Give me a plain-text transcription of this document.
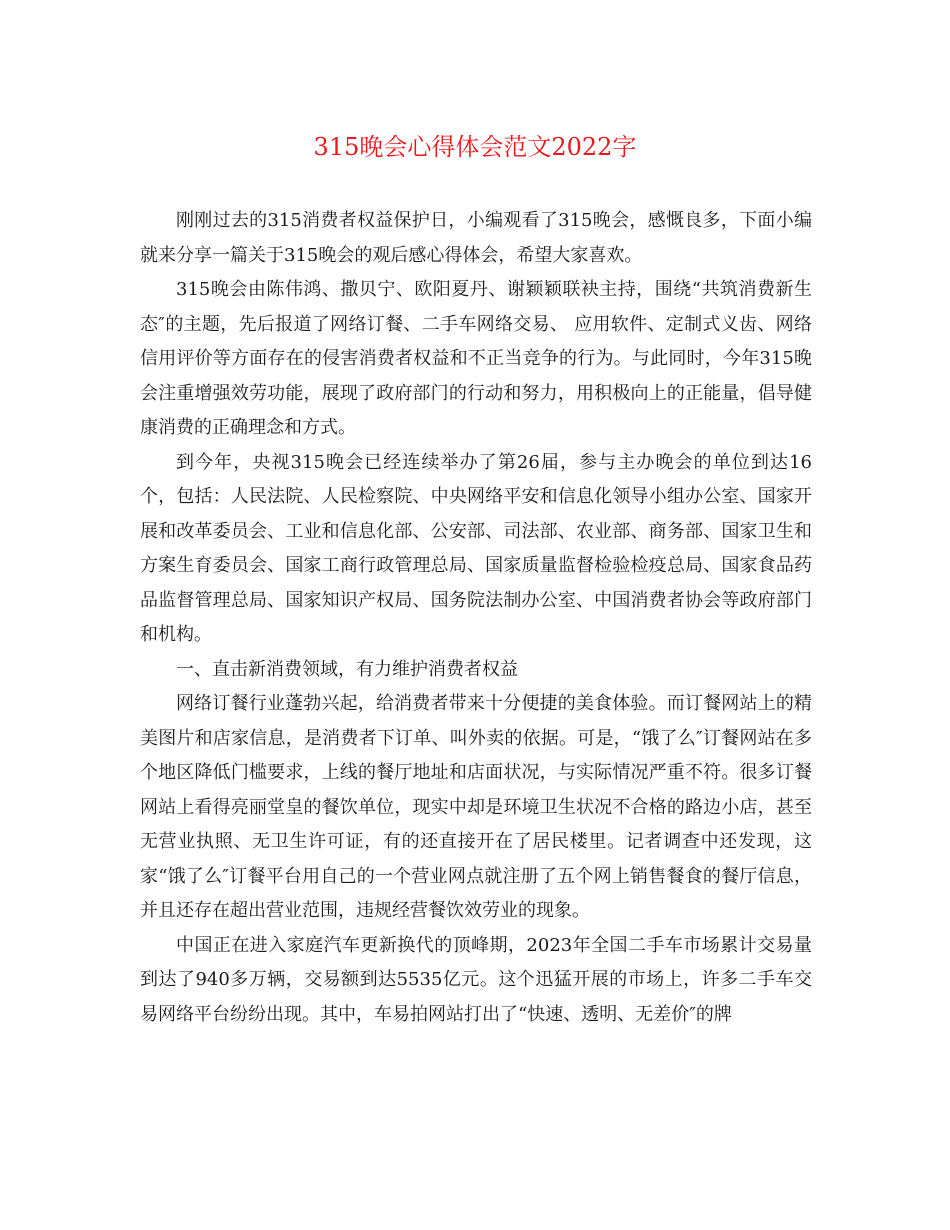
315晚会心得体会范文2022字

刚刚过去的315消费者权益保护日，小编观看了315晚会，感慨良多，下面小编就来分享一篇关于315晚会的观后感心得体会，希望大家喜欢。

315晚会由陈伟鸿、撒贝宁、欧阳夏丹、谢颖颖联袂主持，围绕“共筑消费新生态″的主题，先后报道了网络订餐、二手车网络交易、 应用软件、定制式义齿、网络信用评价等方面存在的侵害消费者权益和不正当竞争的行为。与此同时，今年315晚会注重增强效劳功能，展现了政府部门的行动和努力，用积极向上的正能量，倡导健康消费的正确理念和方式。

到今年，央视315晚会已经连续举办了第26届，参与主办晚会的单位到达16个，包括：人民法院、人民检察院、中央网络平安和信息化领导小组办公室、国家开展和改革委员会、工业和信息化部、公安部、司法部、农业部、商务部、国家卫生和方案生育委员会、国家工商行政管理总局、国家质量监督检验检疫总局、国家食品药品监督管理总局、国家知识产权局、国务院法制办公室、中国消费者协会等政府部门和机构。

一、直击新消费领域，有力维护消费者权益

网络订餐行业蓬勃兴起，给消费者带来十分便捷的美食体验。而订餐网站上的精美图片和店家信息，是消费者下订单、叫外卖的依据。可是，“饿了么″订餐网站在多个地区降低门槛要求，上线的餐厅地址和店面状况，与实际情况严重不符。很多订餐网站上看得亮丽堂皇的餐饮单位，现实中却是环境卫生状况不合格的路边小店，甚至无营业执照、无卫生许可证，有的还直接开在了居民楼里。记者调查中还发现，这家“饿了么″订餐平台用自己的一个营业网点就注册了五个网上销售餐食的餐厅信息，并且还存在超出营业范围，违规经营餐饮效劳业的现象。

中国正在进入家庭汽车更新换代的顶峰期，2023年全国二手车市场累计交易量到达了940多万辆，交易额到达5535亿元。这个迅猛开展的市场上，许多二手车交易网络平台纷纷出现。其中，车易拍网站打出了“快速、透明、无差价″的牌
